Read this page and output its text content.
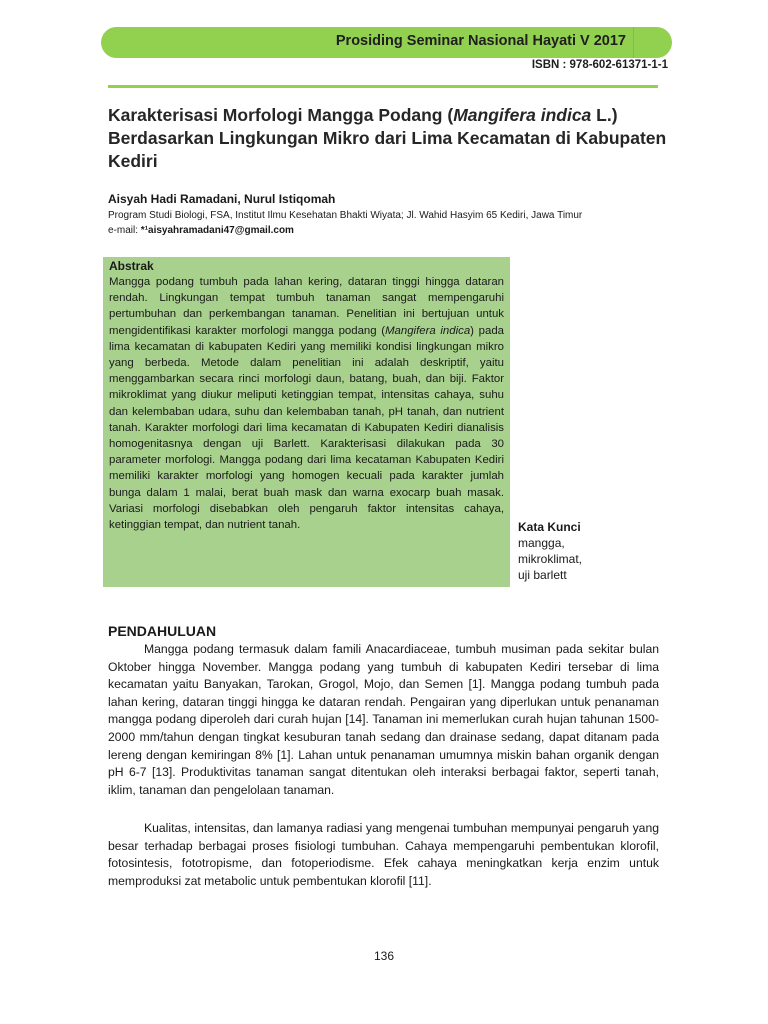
Prosiding Seminar Nasional Hayati V 2017
ISBN : 978-602-61371-1-1
Karakterisasi Morfologi Mangga Podang (Mangifera indica L.) Berdasarkan Lingkungan Mikro dari Lima Kecamatan di Kabupaten Kediri

Aisyah Hadi Ramadani, Nurul Istiqomah

Program Studi Biologi, FSA, Institut Ilmu Kesehatan Bhakti Wiyata; Jl. Wahid Hasyim 65 Kediri, Jawa Timur

e-mail: *¹aisyahramadani47@gmail.com

Abstrak

Mangga podang tumbuh pada lahan kering, dataran tinggi hingga dataran rendah. Lingkungan tempat tumbuh tanaman sangat mempengaruhi pertumbuhan dan perkembangan tanaman. Penelitian ini bertujuan untuk mengidentifikasi karakter morfologi mangga podang (Mangifera indica) pada lima kecamatan di kabupaten Kediri yang memiliki kondisi lingkungan mikro yang berbeda. Metode dalam penelitian ini adalah deskriptif, yaitu menggambarkan secara rinci morfologi daun, batang, buah, dan biji. Faktor mikroklimat yang diukur meliputi ketinggian tempat, intensitas cahaya, suhu dan kelembaban udara, suhu dan kelembaban tanah, pH tanah, dan nutrient tanah. Karakter morfologi dari lima kecamatan di Kabupaten Kediri dianalisis homogenitasnya dengan uji Barlett. Karakterisasi dilakukan pada 30 parameter morfologi. Mangga podang dari lima kecataman Kabupaten Kediri memiliki karakter morfologi yang homogen kecuali pada karakter jumlah bunga dalam 1 malai, berat buah mask dan warna exocarp buah masak. Variasi morfologi disebabkan oleh pengaruh faktor intensitas cahaya, ketinggian tempat, dan nutrient tanah.	Kata Kunci

mangga,

mikroklimat,

uji barlett

PENDAHULUAN

Mangga podang termasuk dalam famili Anacardiaceae, tumbuh musiman pada sekitar bulan Oktober hingga November. Mangga podang yang tumbuh di kabupaten Kediri tersebar di lima kecamatan yaitu Banyakan, Tarokan, Grogol, Mojo, dan Semen [1]. Mangga podang tumbuh pada lahan kering, dataran tinggi hingga ke dataran rendah. Pengairan yang diperlukan untuk penanaman mangga podang diperoleh dari curah hujan [14]. Tanaman ini memerlukan curah hujan tahunan 1500-2000 mm/tahun dengan tingkat kesuburan tanah sedang dan drainase sedang, dapat ditanam pada lereng dengan kemiringan 8% [1]. Lahan untuk penanaman umumnya miskin bahan organik dengan pH 6-7 [13]. Produktivitas tanaman sangat ditentukan oleh interaksi berbagai faktor, seperti tanah, iklim, tanaman dan pengelolaan tanaman.

Kualitas, intensitas, dan lamanya radiasi yang mengenai tumbuhan mempunyai pengaruh yang besar terhadap berbagai proses fisiologi tumbuhan. Cahaya mempengaruhi pembentukan klorofil, fotosintesis, fototropisme, dan fotoperiodisme. Efek cahaya meningkatkan kerja enzim untuk memproduksi zat metabolic untuk pembentukan klorofil [11].

136
